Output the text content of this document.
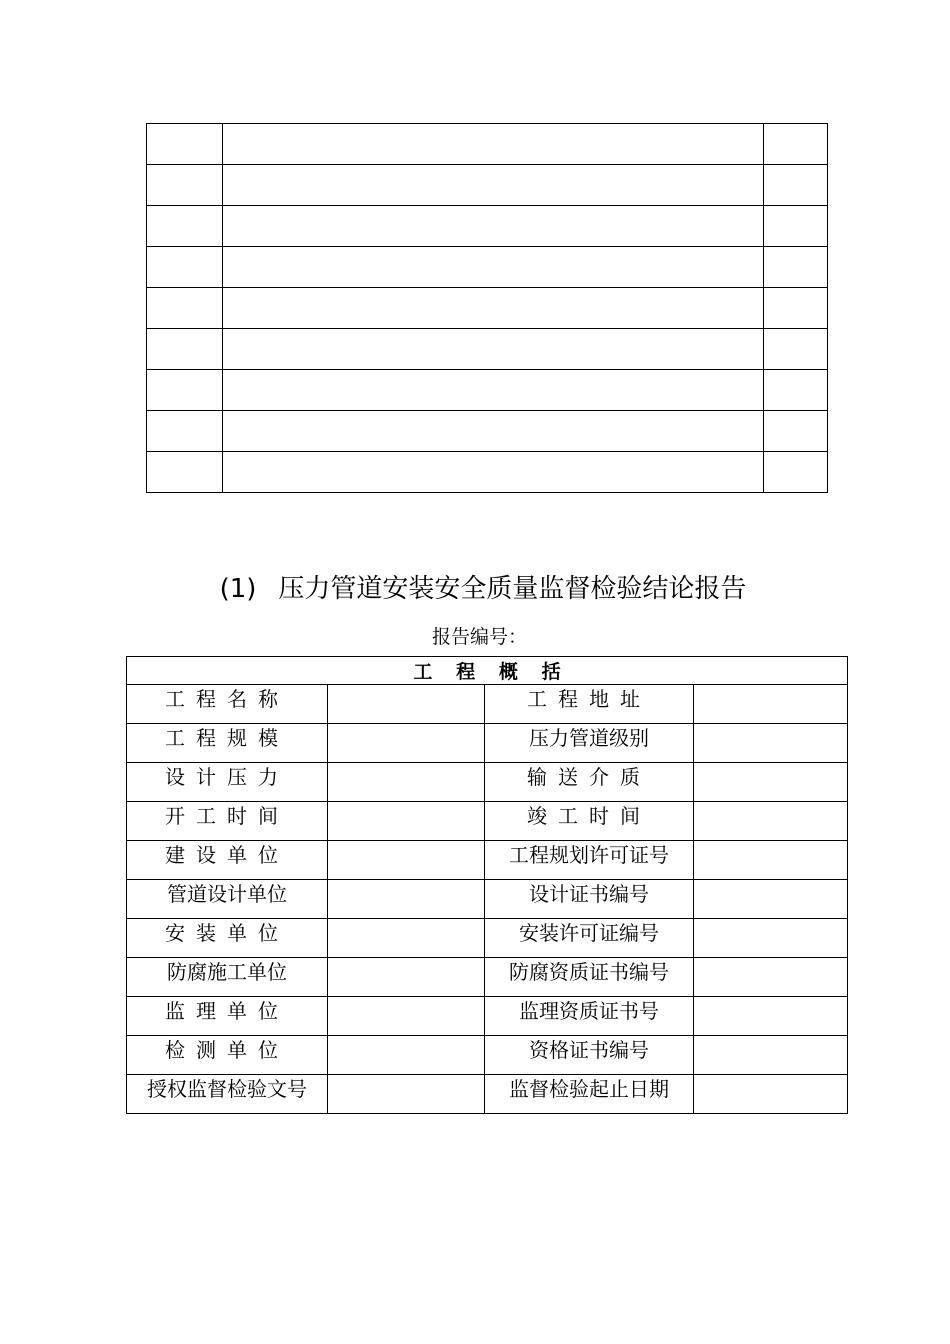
(1) 压力管道安装安全质量监督检验结论报告
报告编号：
工程概括			
工程名称		工程地址	
工程规模		压力管道级别	
设计压力		输送介质	
开工时间		竣工时间	
建设单位		工程规划许可证号	
管道设计单位		设计证书编号	
安装单位		安装许可证编号	
防腐施工单位		防腐资质证书编号	
监理单位		监理资质证书号	
检测单位		资格证书编号	
授权监督检验文号		监督检验起止日期	
